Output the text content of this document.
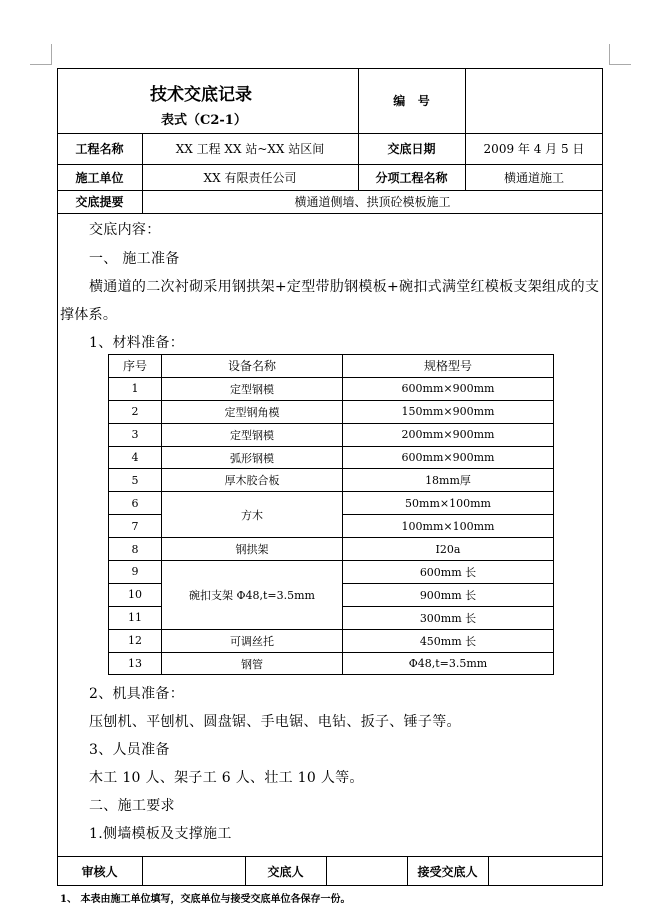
技术交底记录
表式（C2-1）
编   号
工程名称	XX 工程 XX 站~XX 站区间	交底日期	2009 年 4 月 5 日
施工单位	XX 有限责任公司	分项工程名称	横通道施工
交底提要	横通道侧墙、拱顶砼模板施工
交底内容：
一、 施工准备
横通道的二次衬砌采用钢拱架+定型带肋钢模板+碗扣式满堂红模板支架组成的支
撑体系。
1、材料准备：
序号	设备名称	规格型号
1	定型钢模	600mm×900mm
2	定型钢角模	150mm×900mm
3	定型钢模	200mm×900mm
4	弧形钢模	600mm×900mm
5	厚木胶合板	18mm厚
6	方木	50mm×100mm
7		100mm×100mm
8	钢拱架	I20a
9	碗扣支架 Φ48,t=3.5mm	600mm 长
10		900mm 长
11		300mm 长
12	可调丝托	450mm 长
13	钢管	Φ48,t=3.5mm
2、机具准备：
压刨机、平刨机、圆盘锯、手电锯、电钻、扳子、锤子等。
3、人员准备
木工 10 人、架子工 6 人、壮工 10 人等。
二、施工要求
1.侧墙模板及支撑施工
审核人	交底人	接受交底人
1、 本表由施工单位填写，交底单位与接受交底单位各保存一份。
